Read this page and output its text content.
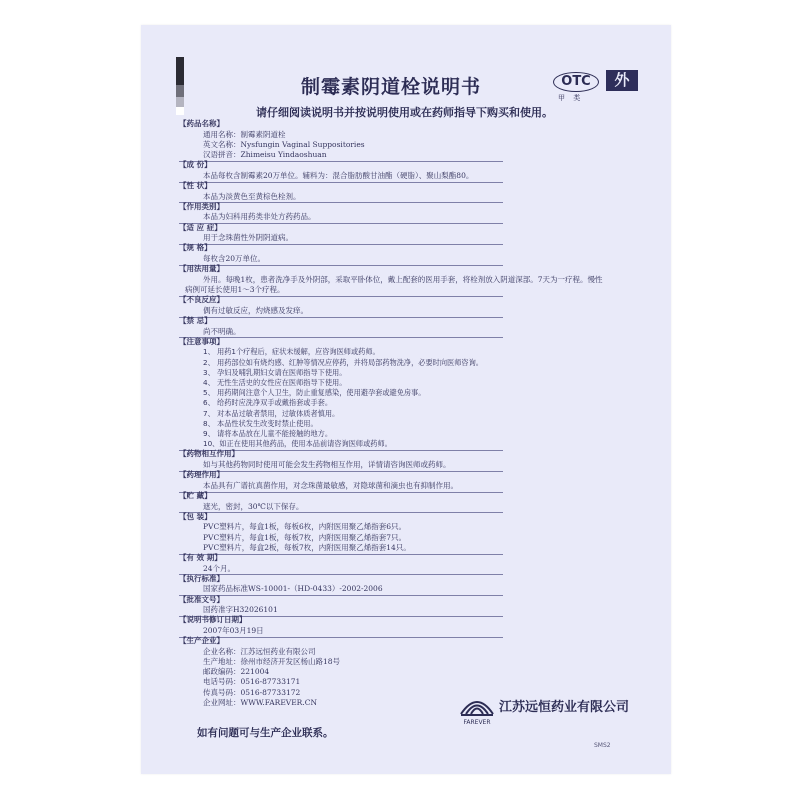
制霉素阴道栓说明书	OTC
甲 类
外
请仔细阅读说明书并按说明使用或在药师指导下购买和使用。
【药品名称】
通用名称：制霉素阴道栓
英文名称：Nysfungin Vaginal Suppositories
汉语拼音：Zhimeisu Yindaoshuan
【成 份】
本品每枚含制霉素20万单位。辅料为：混合脂肪酸甘油酯（硬脂）、聚山梨酯80。
【性 状】
本品为淡黄色至黄棕色栓剂。
【作用类别】
本品为妇科用药类非处方药药品。
【适 应 症】
用于念珠菌性外阴阴道病。
【规 格】
每枚含20万单位。
【用法用量】
外用。每晚1枚，患者洗净手及外阴部，采取平卧体位，戴上配套的医用手套，将栓剂放入阴道深部。7天为一疗程。慢性
病例可延长使用1～3个疗程。
【不良反应】
偶有过敏反应，灼烧感及发痒。
【禁 忌】
尚不明确。
【注意事项】
1、 用药1个疗程后，症状未缓解，应咨询医师或药师。
2、 用药部位如有烧灼感、红肿等情况应停药，并将局部药物洗净，必要时向医师咨询。
3、 孕妇及哺乳期妇女请在医师指导下使用。
4、 无性生活史的女性应在医师指导下使用。
5、 用药期间注意个人卫生，防止重复感染，使用避孕套或避免房事。
6、 给药时应洗净双手或戴指套或手套。
7、 对本品过敏者禁用，过敏体质者慎用。
8、 本品性状发生改变时禁止使用。
9、 请将本品放在儿童不能接触的地方。
10、如正在使用其他药品，使用本品前请咨询医师或药师。
【药物相互作用】
如与其他药物同时使用可能会发生药物相互作用，详情请咨询医师或药师。
【药理作用】
本品具有广谱抗真菌作用，对念珠菌最敏感，对隐球菌和滴虫也有抑制作用。
【贮 藏】
遮光，密封，30℃以下保存。
【包 装】
PVC塑料片，每盒1板，每板6枚，内附医用聚乙烯指套6只。
PVC塑料片，每盒1板，每板7枚，内附医用聚乙烯指套7只。
PVC塑料片，每盒2板，每板7枚，内附医用聚乙烯指套14只。
【有 效 期】
24个月。
【执行标准】
国家药品标准WS-10001-（HD-0433）-2002-2006
【批准文号】
国药准字H32026101
【说明书修订日期】
2007年03月19日
【生产企业】
企业名称：江苏远恒药业有限公司
生产地址：徐州市经济开发区杨山路18号
邮政编码：221004
电话号码：0516-87733171
传真号码：0516-87733172
企业网址：WWW.FAREVER.CN
如有问题可与生产企业联系。
FAREVER
江苏远恒药业有限公司
SMS2
